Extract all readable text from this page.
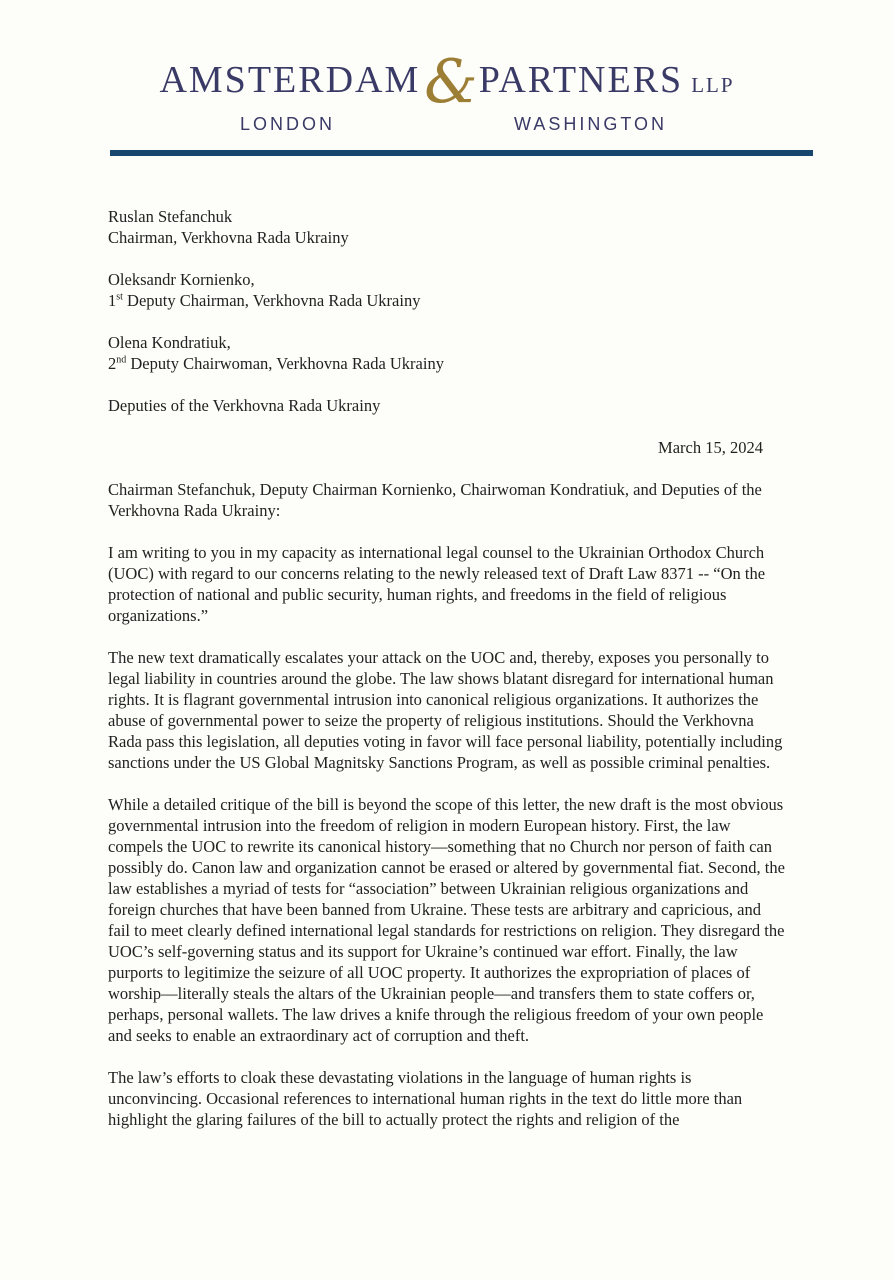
AMSTERDAM&PARTNERS LLP
LONDON	WASHINGTON

Ruslan Stefanchuk

Chairman, Verkhovna Rada Ukrainy

Oleksandr Kornienko,

1st Deputy Chairman, Verkhovna Rada Ukrainy

Olena Kondratiuk,

2nd Deputy Chairwoman, Verkhovna Rada Ukrainy

Deputies of the Verkhovna Rada Ukrainy

March 15, 2024

Chairman Stefanchuk, Deputy Chairman Kornienko, Chairwoman Kondratiuk, and Deputies of the Verkhovna Rada Ukrainy:

I am writing to you in my capacity as international legal counsel to the Ukrainian Orthodox Church (UOC) with regard to our concerns relating to the newly released text of Draft Law 8371 -- “On the protection of national and public security, human rights, and freedoms in the field of religious organizations.”

The new text dramatically escalates your attack on the UOC and, thereby, exposes you personally to legal liability in countries around the globe. The law shows blatant disregard for international human rights. It is flagrant governmental intrusion into canonical religious organizations. It authorizes the abuse of governmental power to seize the property of religious institutions. Should the Verkhovna Rada pass this legislation, all deputies voting in favor will face personal liability, potentially including sanctions under the US Global Magnitsky Sanctions Program, as well as possible criminal penalties.

While a detailed critique of the bill is beyond the scope of this letter, the new draft is the most obvious governmental intrusion into the freedom of religion in modern European history. First, the law compels the UOC to rewrite its canonical history—something that no Church nor person of faith can possibly do. Canon law and organization cannot be erased or altered by governmental fiat. Second, the law establishes a myriad of tests for “association” between Ukrainian religious organizations and foreign churches that have been banned from Ukraine. These tests are arbitrary and capricious, and fail to meet clearly defined international legal standards for restrictions on religion. They disregard the UOC’s self-governing status and its support for Ukraine’s continued war effort. Finally, the law purports to legitimize the seizure of all UOC property. It authorizes the expropriation of places of worship—literally steals the altars of the Ukrainian people—and transfers them to state coffers or, perhaps, personal wallets. The law drives a knife through the religious freedom of your own people and seeks to enable an extraordinary act of corruption and theft.

The law’s efforts to cloak these devastating violations in the language of human rights is unconvincing. Occasional references to international human rights in the text do little more than highlight the glaring failures of the bill to actually protect the rights and religion of the
